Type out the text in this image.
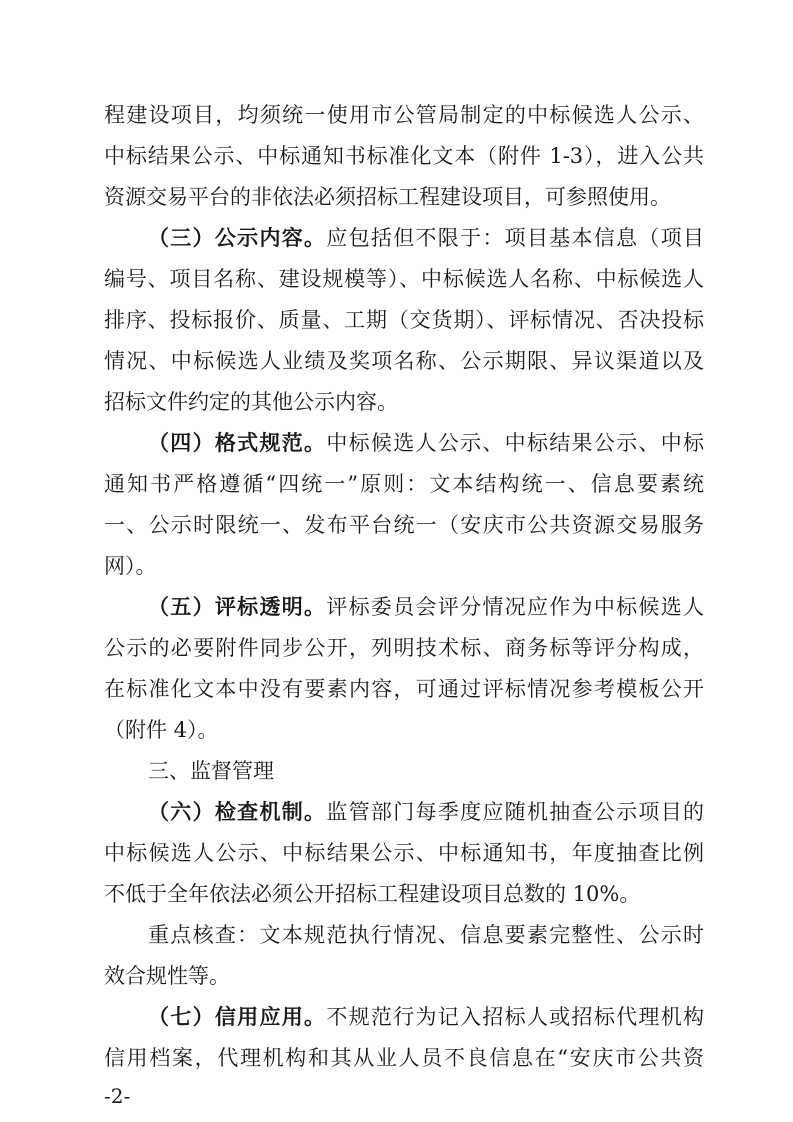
程建设项目，均须统一使用市公管局制定的中标候选人公示、
中标结果公示、中标通知书标准化文本（附件 1-3），进入公共
资源交易平台的非依法必须招标工程建设项目，可参照使用。
（三）公示内容。应包括但不限于：项目基本信息（项目
编号、项目名称、建设规模等）、中标候选人名称、中标候选人
排序、投标报价、质量、工期（交货期）、评标情况、否决投标
情况、中标候选人业绩及奖项名称、公示期限、异议渠道以及
招标文件约定的其他公示内容。
（四）格式规范。中标候选人公示、中标结果公示、中标
通知书严格遵循“四统一”原则：文本结构统一、信息要素统
一、公示时限统一、发布平台统一（安庆市公共资源交易服务
网）。
（五）评标透明。评标委员会评分情况应作为中标候选人
公示的必要附件同步公开，列明技术标、商务标等评分构成，
在标准化文本中没有要素内容，可通过评标情况参考模板公开
（附件 4）。
三、监督管理
（六）检查机制。监管部门每季度应随机抽查公示项目的
中标候选人公示、中标结果公示、中标通知书，年度抽查比例
不低于全年依法必须公开招标工程建设项目总数的 10%。
重点核查：文本规范执行情况、信息要素完整性、公示时
效合规性等。
（七）信用应用。不规范行为记入招标人或招标代理机构
信用档案，代理机构和其从业人员不良信息在“安庆市公共资
-2-
